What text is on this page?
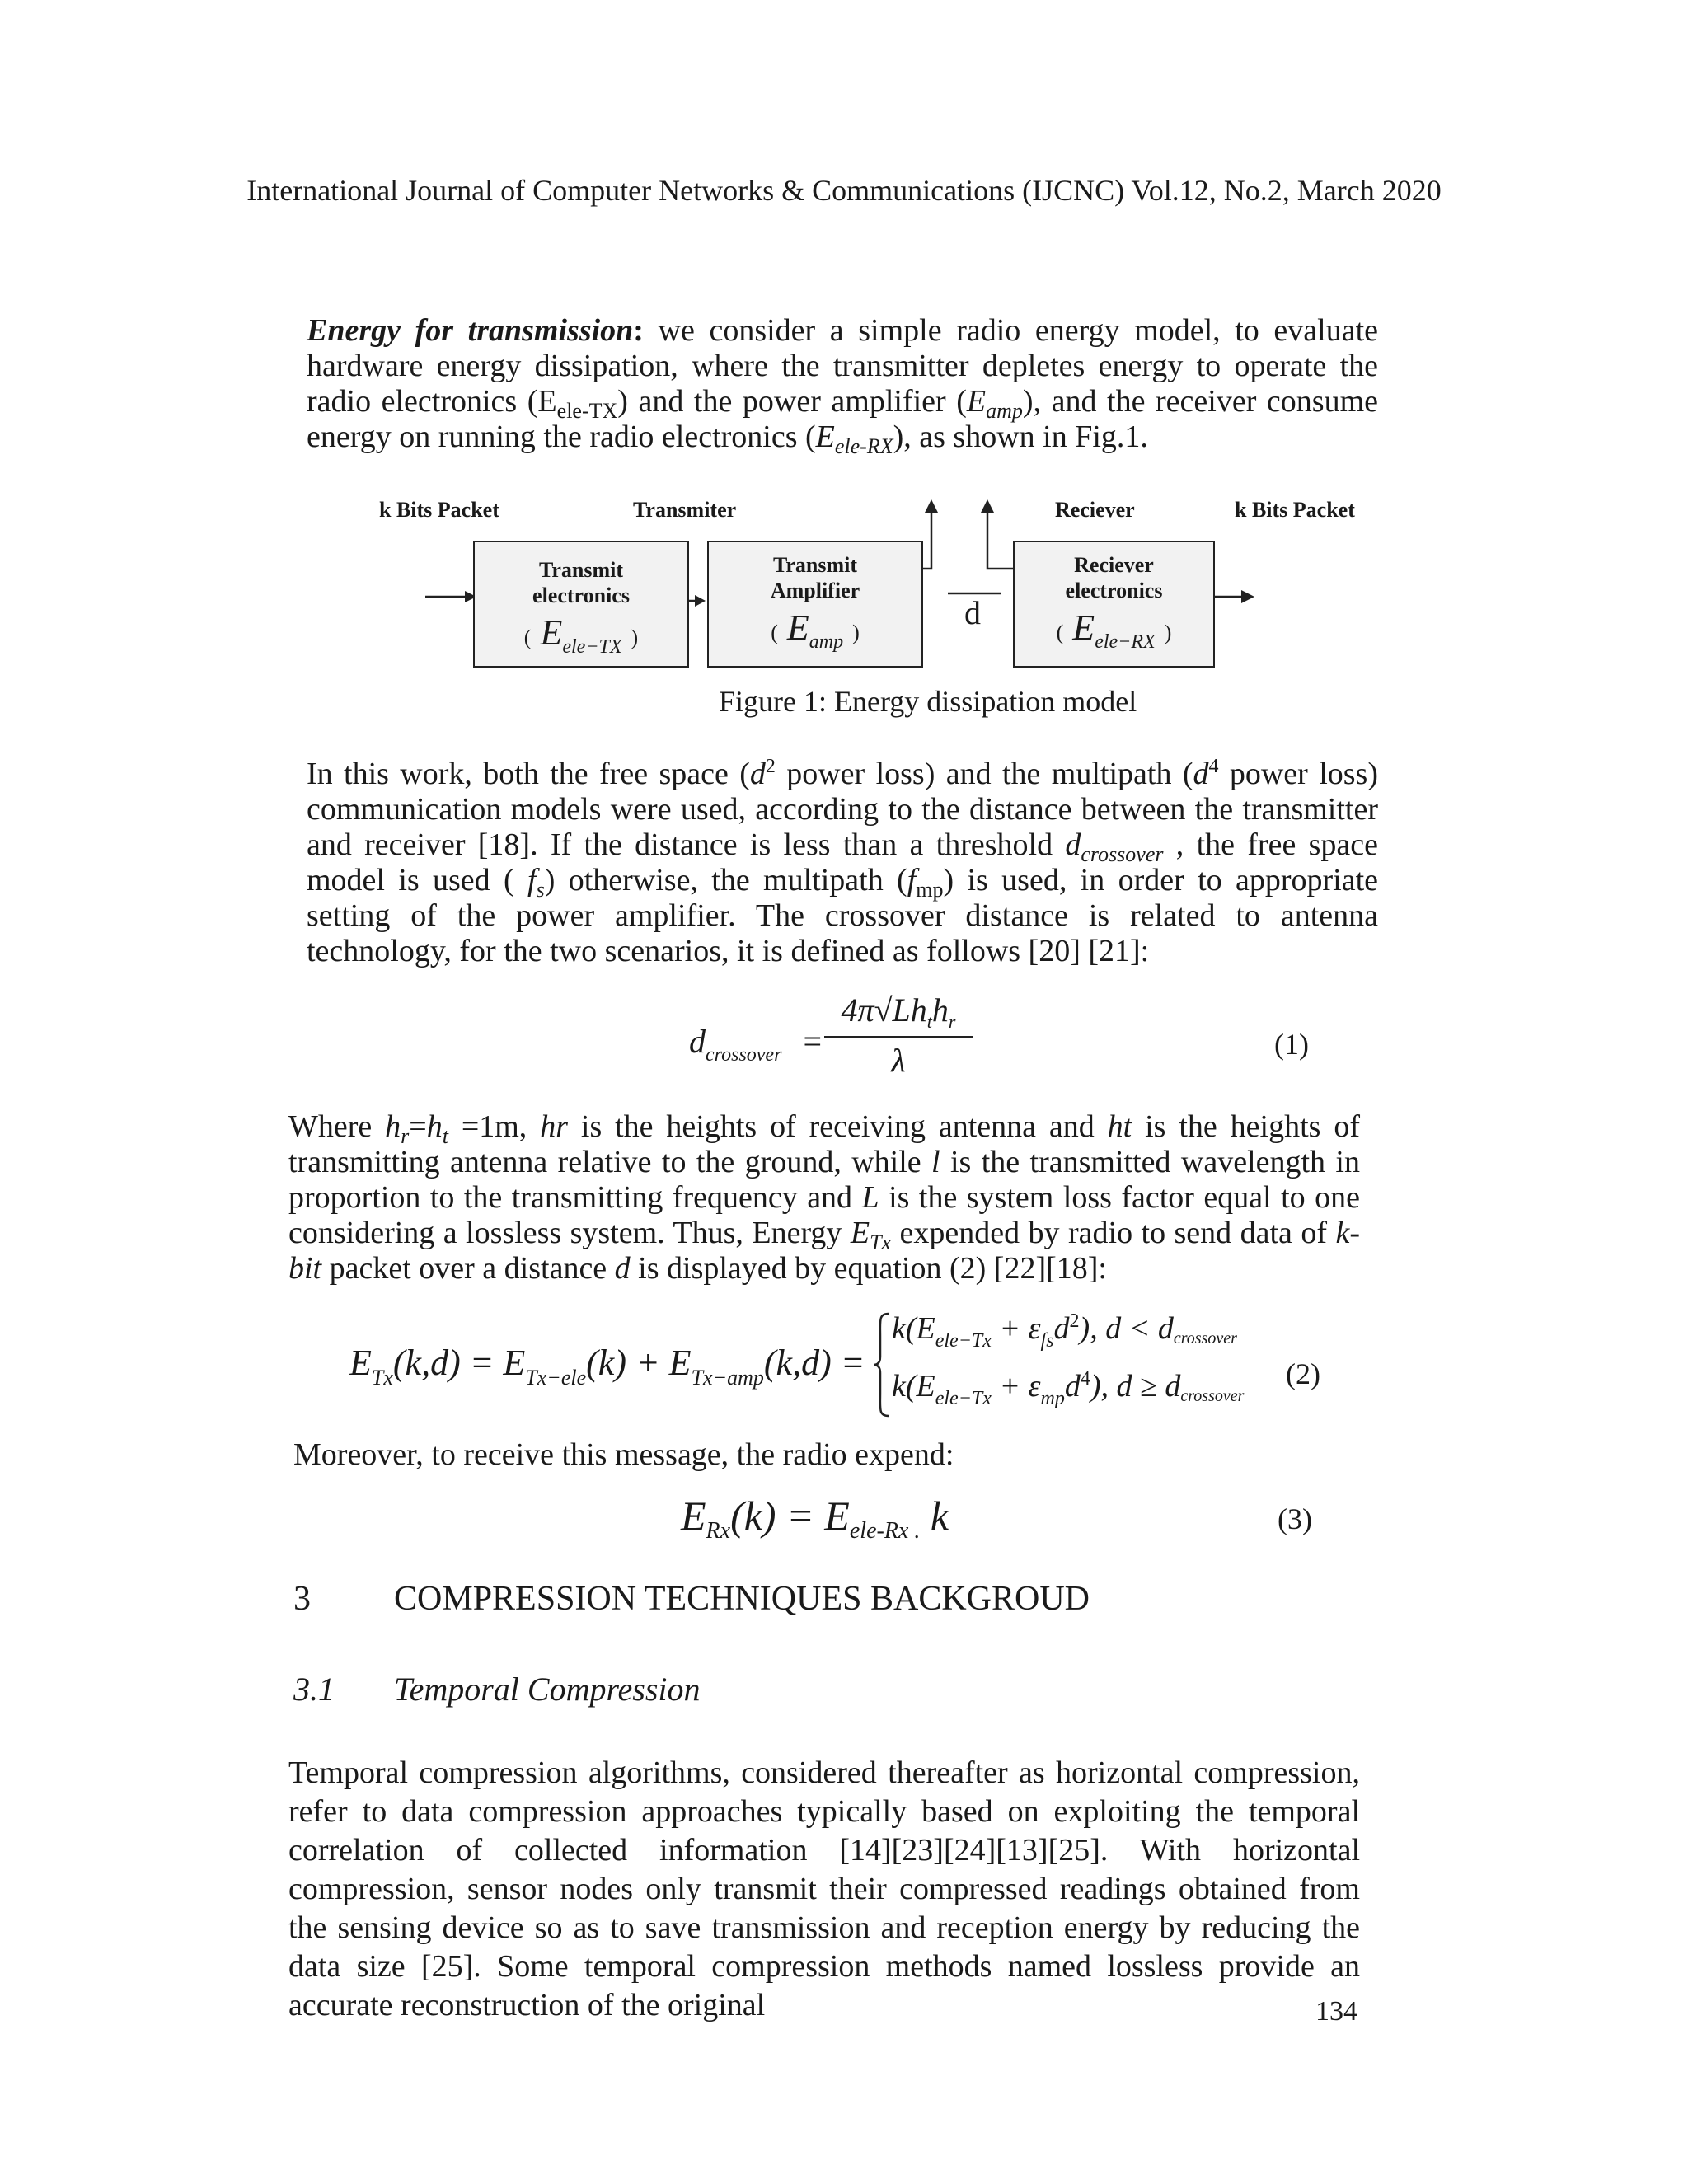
International Journal of Computer Networks & Communications (IJCNC) Vol.12, No.2, March 2020
Energy for transmission: we consider a simple radio energy model, to evaluate hardware energy dissipation, where the transmitter depletes energy to operate the radio electronics $(E_{ele-TX})$ and the power amplifier $(E_{amp})$, and the receiver consume energy on running the radio electronics $(E_{ele-RX})$, as shown in Fig.1.
k Bits Packet	Transmiter	Reciever	k Bits Packet
Transmit
electronics
( $E_{ele-TX}$ )
Transmit
Amplifier
( $E_{amp}$ )
d
Reciever
electronics
( $E_{ele-RX}$ )
Figure 1: Energy dissipation model
In this work, both the free space ($d^2$ power loss) and the multipath ($d^4$ power loss) communication models were used, according to the distance between the transmitter and receiver [18]. If the distance is less than a threshold $d_{crossover}$ , the free space model is used ( $f_s$) otherwise, the multipath $(f_{mp})$ is used, in order to appropriate setting of the power amplifier. The crossover distance is related to antenna technology, for the two scenarios, it is defined as follows [20] [21]:
$d_{crossover}$ =
$4\pi√Lh_th_r$
λ	(1)
Where $h_r=h_t =1m$, hr is the heights of receiving antenna and ht is the heights of transmitting antenna relative to the ground, while l is the transmitted wavelength in proportion to the transmitting frequency and L is the system loss factor equal to one considering a lossless system. Thus, Energy $E_{Tx}$ expended by radio to send data of k-bit packet over a distance d is displayed by equation (2) [22][18]:
$E_{Tx}(k,d) = E_{Tx-ele}(k) + E_{Tx-amp}(k,d)$ =
$k(E_{ele-Tx} + \varepsilon_{fs}d^2)$, d < dcrossover
$k(E_{ele-Tx} + \varepsilon_{mp}d^4)$, d ≥ dcrossover
(2)
Moreover, to receive this message, the radio expend:
$E_{Rx}(k) = E_{ele-Rx .}$ k	(3)
3 COMPRESSION TECHNIQUES BACKGROUD
3.1 Temporal Compression
Temporal compression algorithms, considered thereafter as horizontal compression, refer to data compression approaches typically based on exploiting the temporal correlation of collected information [14][23][24][13][25]. With horizontal compression, sensor nodes only transmit their compressed readings obtained from the sensing device so as to save transmission and reception energy by reducing the data size [25]. Some temporal compression methods named lossless provide an accurate reconstruction of the original	134
